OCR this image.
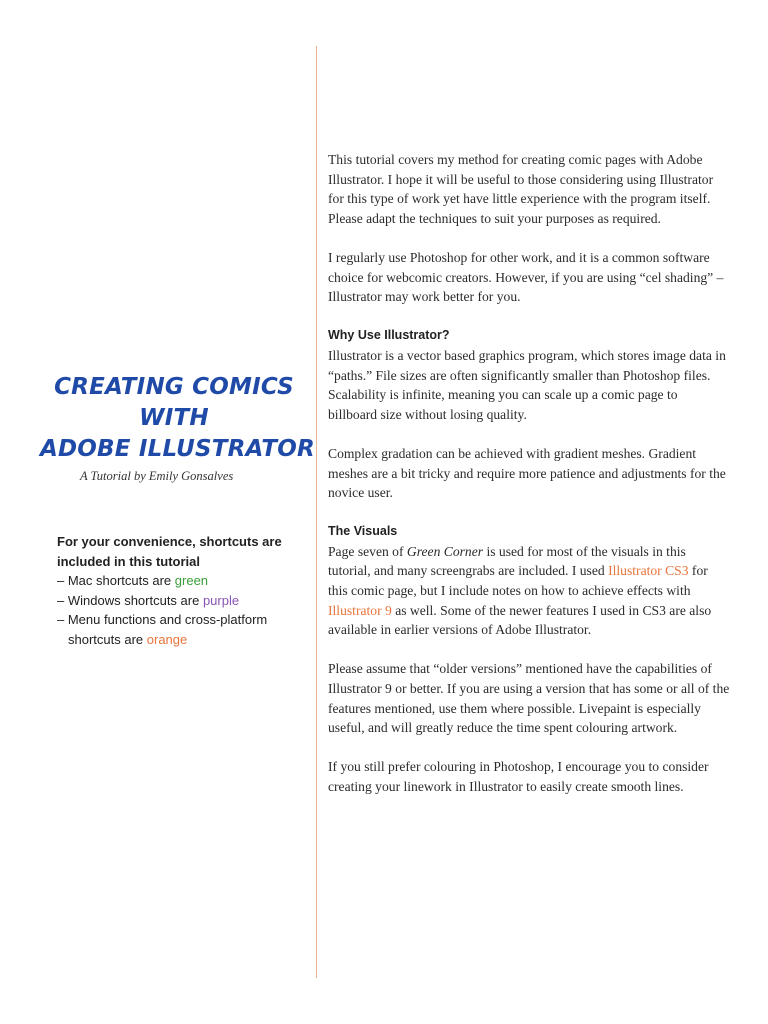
CREATING COMICS
WITH
ADOBE ILLUSTRATOR
A Tutorial by Emily Gonsalves

For your convenience, shortcuts are included in this tutorial

– Mac shortcuts are green
– Windows shortcuts are purple
– Menu functions and cross-platform shortcuts are orange

This tutorial covers my method for creating comic pages with Adobe Illustrator. I hope it will be useful to those considering using Illustrator for this type of work yet have little experience with the program itself. Please adapt the techniques to suit your purposes as required.

I regularly use Photoshop for other work, and it is a common software choice for webcomic creators. However, if you are using “cel shading” – Illustrator may work better for you.

Why Use Illustrator?

Illustrator is a vector based graphics program, which stores image data in “paths.” File sizes are often significantly smaller than Photoshop files. Scalability is infinite, meaning you can scale up a comic page to billboard size without losing quality.

Complex gradation can be achieved with gradient meshes. Gradient meshes are a bit tricky and require more patience and adjustments for the novice user.

The Visuals

Page seven of Green Corner is used for most of the visuals in this tutorial, and many screengrabs are included. I used Illustrator CS3 for this comic page, but I include notes on how to achieve effects with Illustrator 9 as well. Some of the newer features I used in CS3 are also available in earlier versions of Adobe Illustrator.

Please assume that “older versions” mentioned have the capabilities of Illustrator 9 or better. If you are using a version that has some or all of the features mentioned, use them where possible. Livepaint is especially useful, and will greatly reduce the time spent colouring artwork.

If you still prefer colouring in Photoshop, I encourage you to consider creating your linework in Illustrator to easily create smooth lines.
